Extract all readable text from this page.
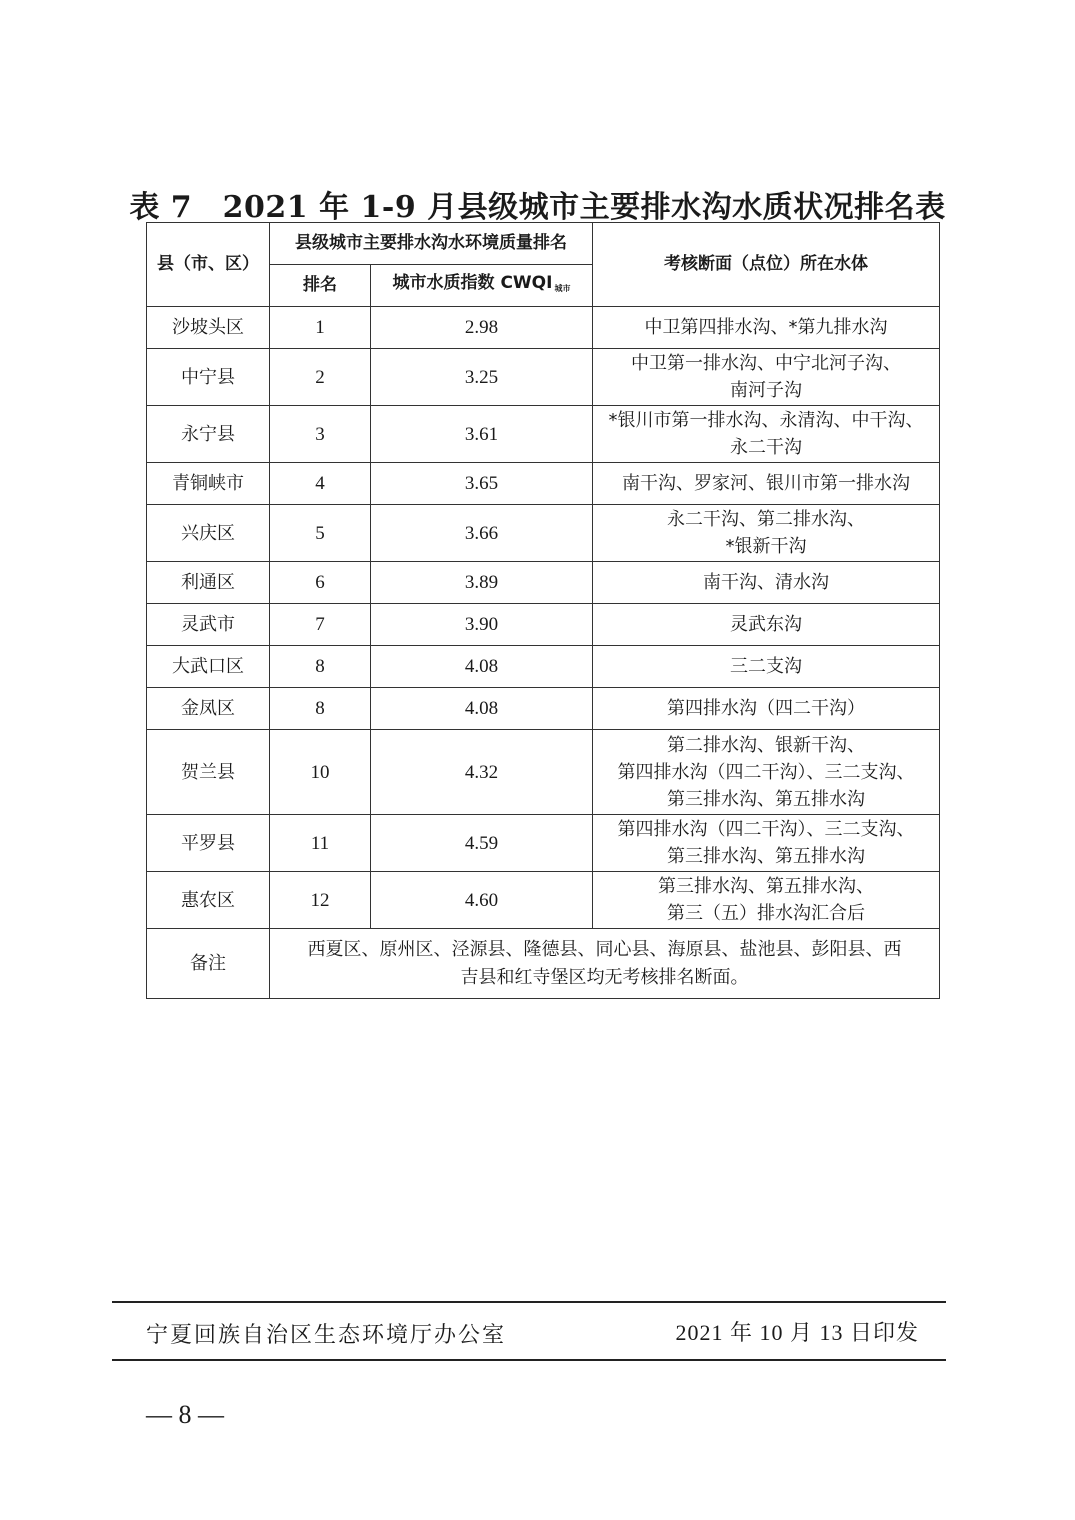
表 7　2021 年 1-9 月县级城市主要排水沟水质状况排名表
县（市、区）	县级城市主要排水沟水环境质量排名		考核断面（点位）所在水体
	排名	城市水质指数 CWQI $_{城市}$
沙坡头区	1	2.98	中卫第四排水沟、*第九排水沟
中宁县	2	3.25	中卫第一排水沟、中宁北河子沟、
南河子沟
永宁县	3	3.61	*银川市第一排水沟、永清沟、中干沟、
永二干沟
青铜峡市	4	3.65	南干沟、罗家河、银川市第一排水沟
兴庆区	5	3.66	永二干沟、第二排水沟、
*银新干沟
利通区	6	3.89	南干沟、清水沟
灵武市	7	3.90	灵武东沟
大武口区	8	4.08	三二支沟
金凤区	8	4.08	第四排水沟（四二干沟）
贺兰县	10	4.32	第二排水沟、银新干沟、
第四排水沟（四二干沟）、三二支沟、
第三排水沟、第五排水沟
平罗县	11	4.59	第四排水沟（四二干沟）、三二支沟、
第三排水沟、第五排水沟
惠农区	12	4.60	第三排水沟、第五排水沟、
第三（五）排水沟汇合后
备注	西夏区、原州区、泾源县、隆德县、同心县、海原县、盐池县、彭阳县、西
吉县和红寺堡区均无考核排名断面。		
宁夏回族自治区生态环境厅办公室	2021 年 10 月 13 日印发
— 8 —
